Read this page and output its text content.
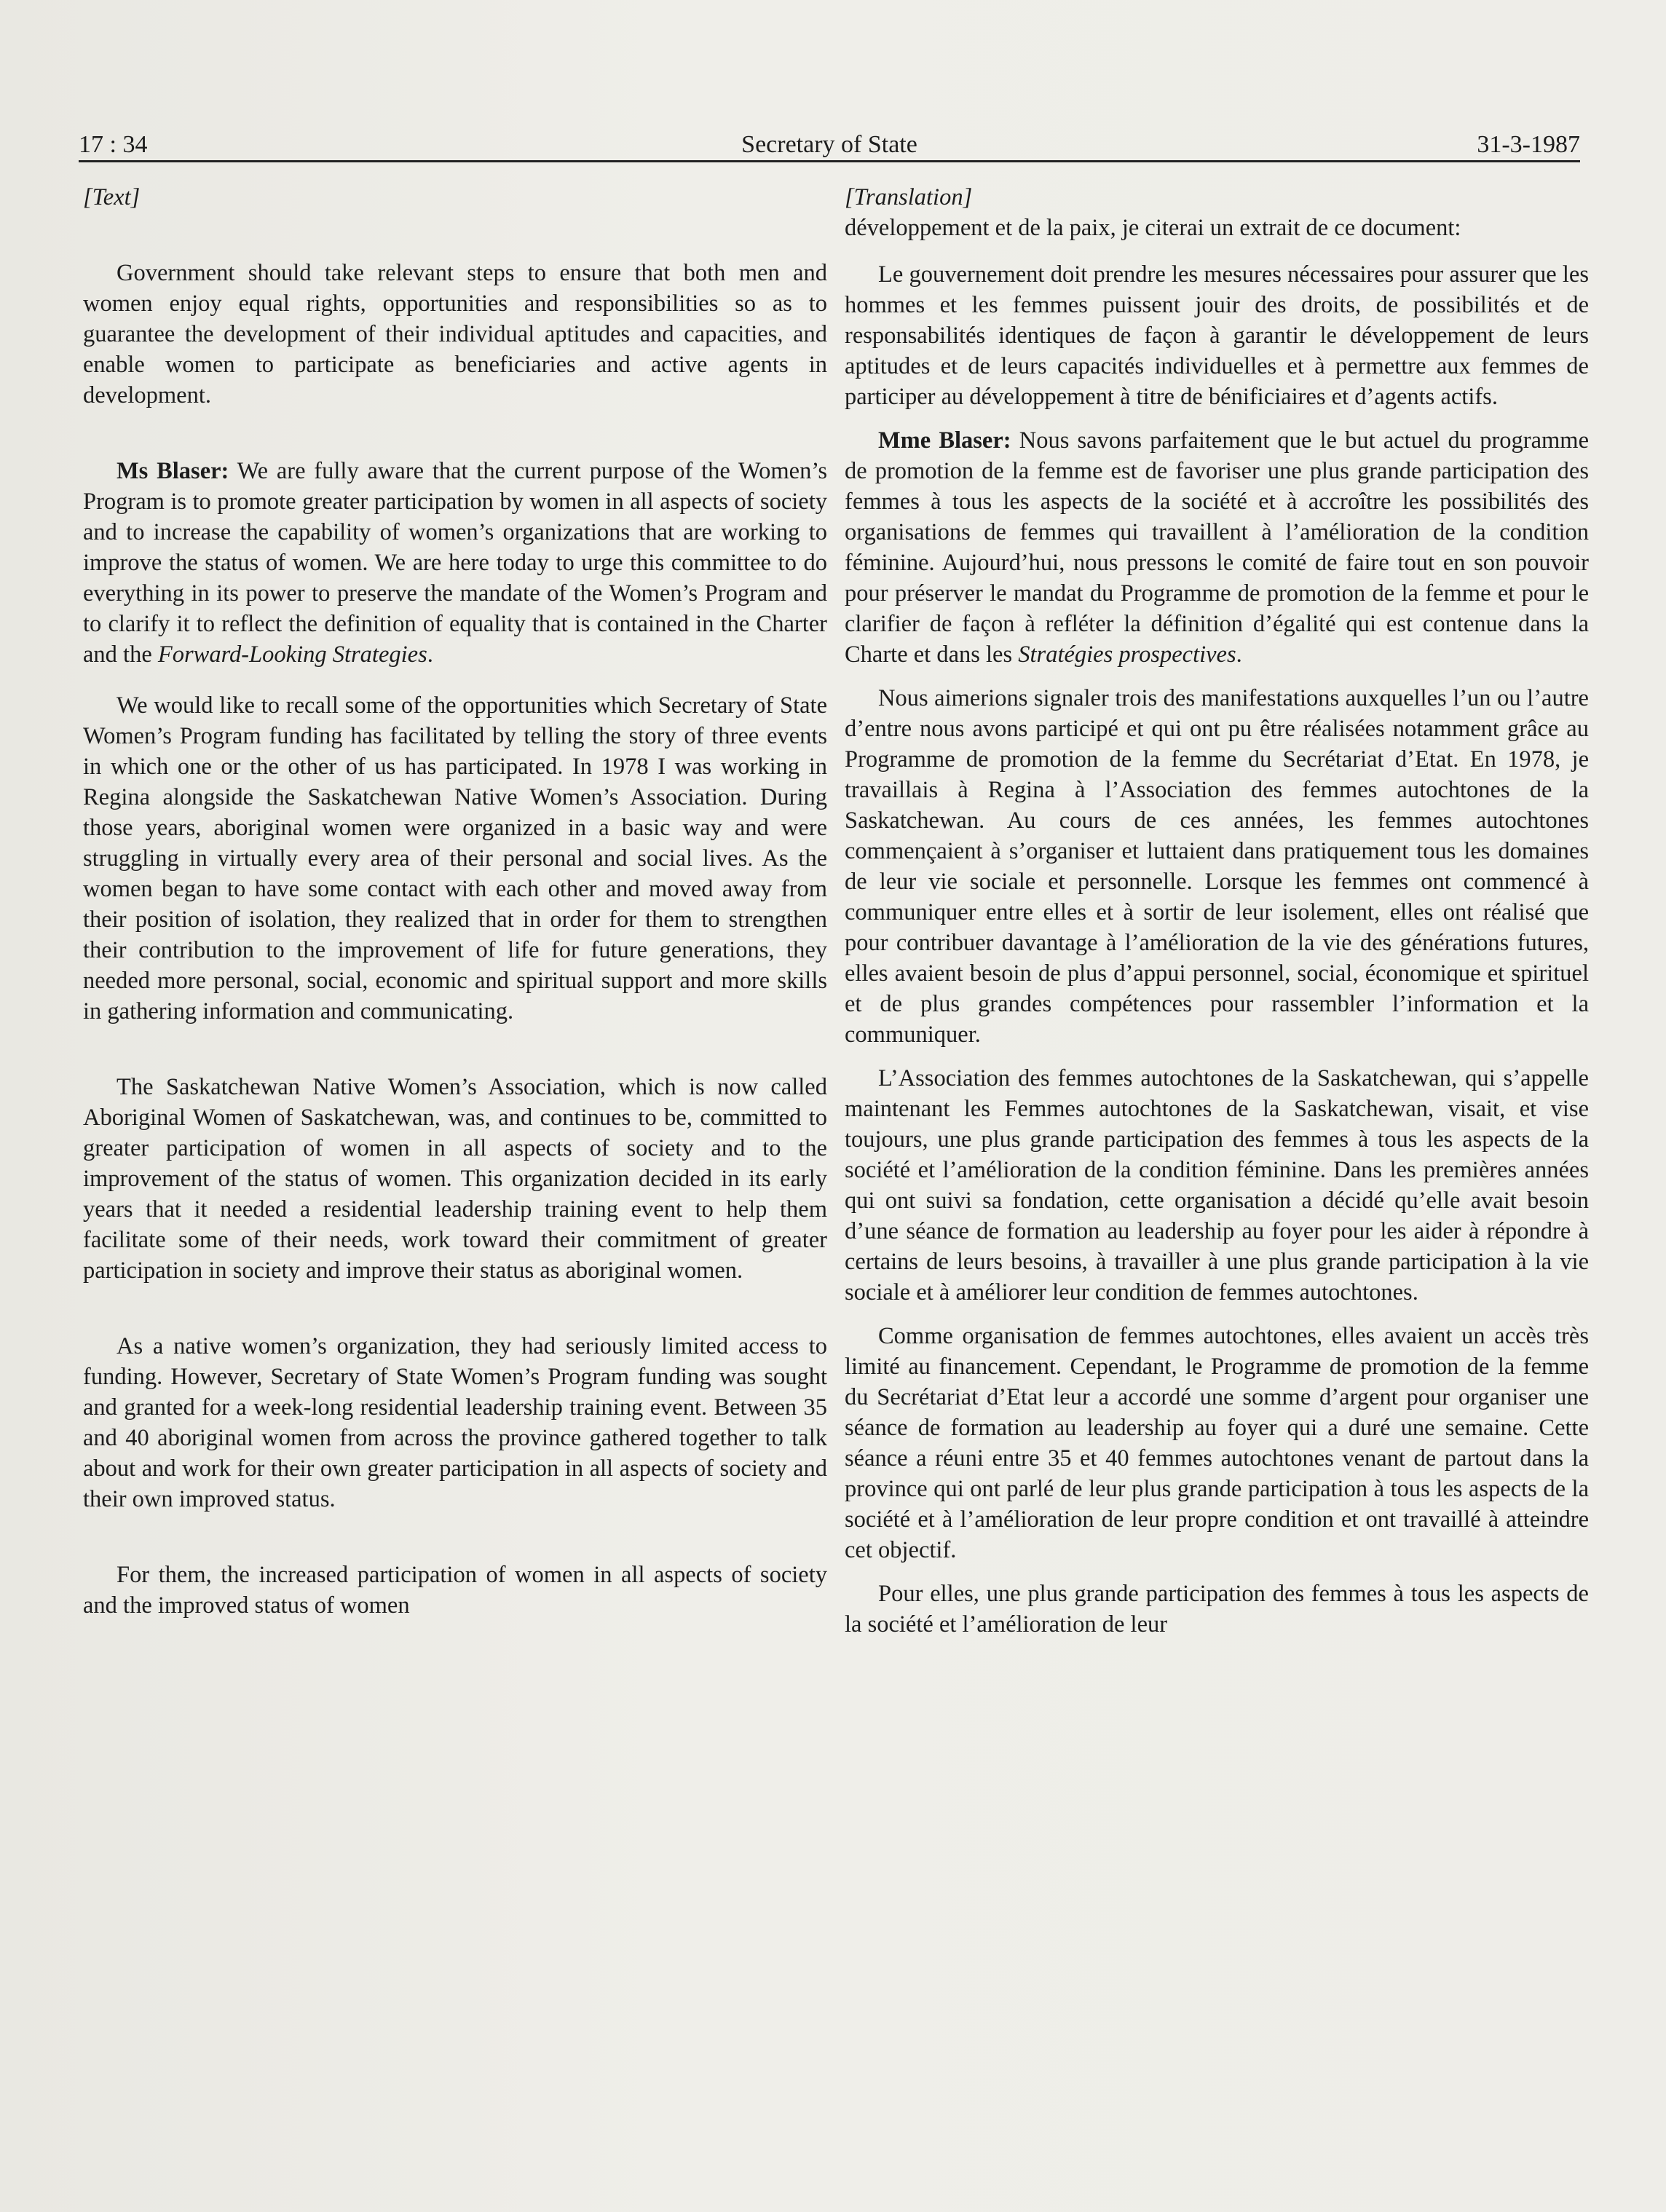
17 : 34	Secretary of State	31-3-1987
[Text]

Government should take relevant steps to ensure that both men and women enjoy equal rights, opportunities and responsibilities so as to guarantee the development of their individual aptitudes and capacities, and enable women to participate as beneficiaries and active agents in development.

Ms Blaser: We are fully aware that the current purpose of the Women’s Program is to promote greater participation by women in all aspects of society and to increase the capability of women’s organizations that are working to improve the status of women. We are here today to urge this committee to do everything in its power to preserve the mandate of the Women’s Program and to clarify it to reflect the definition of equality that is contained in the Charter and the Forward-Looking Strategies.

We would like to recall some of the opportunities which Secretary of State Women’s Program funding has facilitated by telling the story of three events in which one or the other of us has participated. In 1978 I was working in Regina alongside the Saskatchewan Native Women’s Association. During those years, aboriginal women were organized in a basic way and were struggling in virtually every area of their personal and social lives. As the women began to have some contact with each other and moved away from their position of isolation, they realized that in order for them to strengthen their contribution to the improvement of life for future generations, they needed more personal, social, economic and spiritual support and more skills in gathering information and communicating.

The Saskatchewan Native Women’s Association, which is now called Aboriginal Women of Saskatchewan, was, and continues to be, committed to greater participation of women in all aspects of society and to the improvement of the status of women. This organization decided in its early years that it needed a residential leadership training event to help them facilitate some of their needs, work toward their commitment of greater participation in society and improve their status as aboriginal women.

As a native women’s organization, they had seriously limited access to funding. However, Secretary of State Women’s Program funding was sought and granted for a week-long residential leadership training event. Between 35 and 40 aboriginal women from across the province gathered together to talk about and work for their own greater participation in all aspects of society and their own improved status.

For them, the increased participation of women in all aspects of society and the improved status of women

[Translation]

développement et de la paix, je citerai un extrait de ce document:

Le gouvernement doit prendre les mesures nécessaires pour assurer que les hommes et les femmes puissent jouir des droits, de possibilités et de responsabilités identiques de façon à garantir le développement de leurs aptitudes et de leurs capacités individuelles et à permettre aux femmes de participer au développement à titre de bénificiaires et d’agents actifs.

Mme Blaser: Nous savons parfaitement que le but actuel du programme de promotion de la femme est de favoriser une plus grande participation des femmes à tous les aspects de la société et à accroître les possibilités des organisations de femmes qui travaillent à l’amélioration de la condition féminine. Aujourd’hui, nous pressons le comité de faire tout en son pouvoir pour préserver le mandat du Programme de promotion de la femme et pour le clarifier de façon à refléter la définition d’égalité qui est contenue dans la Charte et dans les Stratégies prospectives.

Nous aimerions signaler trois des manifestations auxquelles l’un ou l’autre d’entre nous avons participé et qui ont pu être réalisées notamment grâce au Programme de promotion de la femme du Secrétariat d’Etat. En 1978, je travaillais à Regina à l’Association des femmes autochtones de la Saskatchewan. Au cours de ces années, les femmes autochtones commençaient à s’organiser et luttaient dans pratiquement tous les domaines de leur vie sociale et personnelle. Lorsque les femmes ont commencé à communiquer entre elles et à sortir de leur isolement, elles ont réalisé que pour contribuer davantage à l’amélioration de la vie des générations futures, elles avaient besoin de plus d’appui personnel, social, économique et spirituel et de plus grandes compétences pour rassembler l’information et la communiquer.

L’Association des femmes autochtones de la Saskatchewan, qui s’appelle maintenant les Femmes autochtones de la Saskatchewan, visait, et vise toujours, une plus grande participation des femmes à tous les aspects de la société et l’amélioration de la condition féminine. Dans les premières années qui ont suivi sa fondation, cette organisation a décidé qu’elle avait besoin d’une séance de formation au leadership au foyer pour les aider à répondre à certains de leurs besoins, à travailler à une plus grande participation à la vie sociale et à améliorer leur condition de femmes autochtones.

Comme organisation de femmes autochtones, elles avaient un accès très limité au financement. Cependant, le Programme de promotion de la femme du Secrétariat d’Etat leur a accordé une somme d’argent pour organiser une séance de formation au leadership au foyer qui a duré une semaine. Cette séance a réuni entre 35 et 40 femmes autochtones venant de partout dans la province qui ont parlé de leur plus grande participation à tous les aspects de la société et à l’amélioration de leur propre condition et ont travaillé à atteindre cet objectif.

Pour elles, une plus grande participation des femmes à tous les aspects de la société et l’amélioration de leur
